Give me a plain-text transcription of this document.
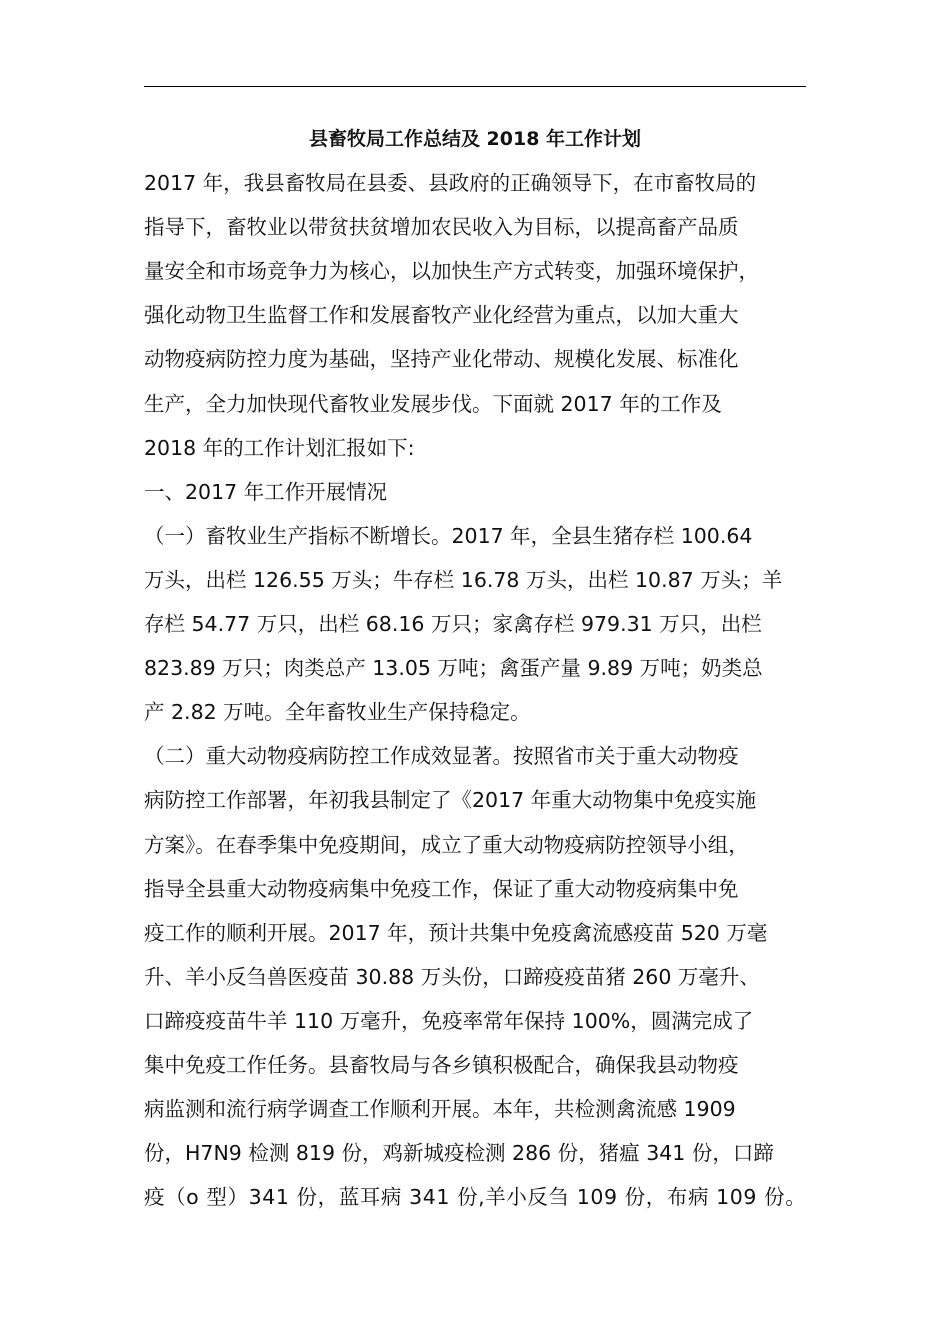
县畜牧局工作总结及 2018 年工作计划
2017 年，我县畜牧局在县委、县政府的正确领导下，在市畜牧局的
指导下，畜牧业以带贫扶贫增加农民收入为目标，以提高畜产品质
量安全和市场竞争力为核心，以加快生产方式转变，加强环境保护，
强化动物卫生监督工作和发展畜牧产业化经营为重点，以加大重大
动物疫病防控力度为基础，坚持产业化带动、规模化发展、标准化
生产，全力加快现代畜牧业发展步伐。下面就 2017 年的工作及
2018 年的工作计划汇报如下:
一、2017 年工作开展情况
（一）畜牧业生产指标不断增长。2017 年，全县生猪存栏 100.64
万头，出栏 126.55 万头；牛存栏 16.78 万头，出栏 10.87 万头；羊
存栏 54.77 万只，出栏 68.16 万只；家禽存栏 979.31 万只，出栏
823.89 万只；肉类总产 13.05 万吨；禽蛋产量 9.89 万吨；奶类总
产 2.82 万吨。全年畜牧业生产保持稳定。
（二）重大动物疫病防控工作成效显著。按照省市关于重大动物疫
病防控工作部署，年初我县制定了《2017 年重大动物集中免疫实施
方案》。在春季集中免疫期间，成立了重大动物疫病防控领导小组，
指导全县重大动物疫病集中免疫工作，保证了重大动物疫病集中免
疫工作的顺利开展。2017 年，预计共集中免疫禽流感疫苗 520 万毫
升、羊小反刍兽医疫苗 30.88 万头份，口蹄疫疫苗猪 260 万毫升、
口蹄疫疫苗牛羊 110 万毫升，免疫率常年保持 100%，圆满完成了
集中免疫工作任务。县畜牧局与各乡镇积极配合，确保我县动物疫
病监测和流行病学调查工作顺利开展。本年，共检测禽流感 1909
份，H7N9 检测 819 份，鸡新城疫检测 286 份，猪瘟 341 份，口蹄
疫（o 型）341 份，蓝耳病 341 份,羊小反刍 109 份，布病 109 份。
